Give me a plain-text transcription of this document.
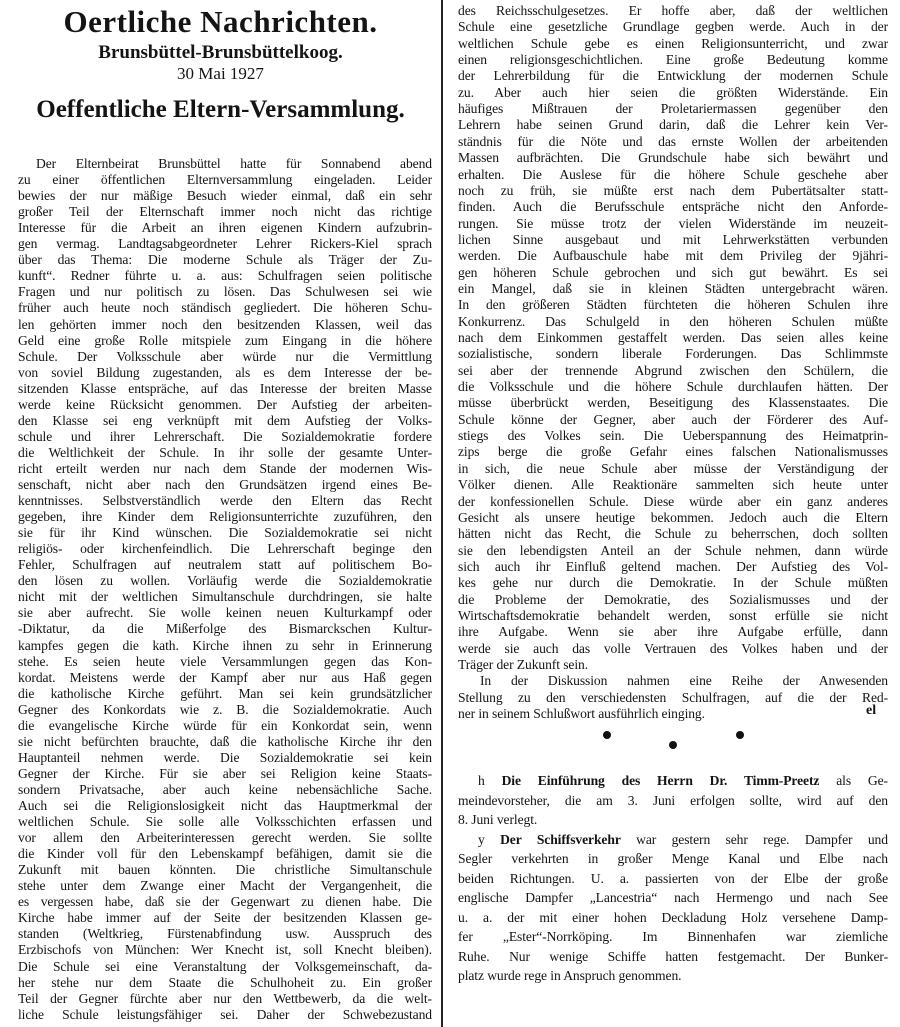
Oertliche Nachrichten.
Brunsbüttel-Brunsbüttelkoog.
30 Mai 1927
Oeffentliche Eltern-Versammlung.
Der Elternbeirat Brunsbüttel hatte für Sonnabend abend
zu einer öffentlichen Elternversammlung eingeladen. Leider
bewies der nur mäßige Besuch wieder einmal, daß ein sehr
großer Teil der Elternschaft immer noch nicht das richtige
Interesse für die Arbeit an ihren eigenen Kindern aufzubrin-
gen vermag. Landtagsabgeordneter Lehrer Rickers-Kiel sprach
über das Thema: Die moderne Schule als Träger der Zu-
kunft“. Redner führte u. a. aus: Schulfragen seien politische
Fragen und nur politisch zu lösen. Das Schulwesen sei wie
früher auch heute noch ständisch gegliedert. Die höheren Schu-
len gehörten immer noch den besitzenden Klassen, weil das
Geld eine große Rolle mitspiele zum Eingang in die höhere
Schule. Der Volksschule aber würde nur die Vermittlung
von soviel Bildung zugestanden, als es dem Interesse der be-
sitzenden Klasse entspräche, auf das Interesse der breiten Masse
werde keine Rücksicht genommen. Der Aufstieg der arbeiten-
den Klasse sei eng verknüpft mit dem Aufstieg der Volks-
schule und ihrer Lehrerschaft. Die Sozialdemokratie fordere
die Weltlichkeit der Schule. In ihr solle der gesamte Unter-
richt erteilt werden nur nach dem Stande der modernen Wis-
senschaft, nicht aber nach den Grundsätzen irgend eines Be-
kenntnisses. Selbstverständlich werde den Eltern das Recht
gegeben, ihre Kinder dem Religionsunterrichte zuzuführen, den
sie für ihr Kind wünschen. Die Sozialdemokratie sei nicht
religiös- oder kirchenfeindlich. Die Lehrerschaft beginge den
Fehler, Schulfragen auf neutralem statt auf politischem Bo-
den lösen zu wollen. Vorläufig werde die Sozialdemokratie
nicht mit der weltlichen Simultanschule durchdringen, sie halte
sie aber aufrecht. Sie wolle keinen neuen Kulturkampf oder
-Diktatur, da die Mißerfolge des Bismarckschen Kultur-
kampfes gegen die kath. Kirche ihnen zu sehr in Erinnerung
stehe. Es seien heute viele Versammlungen gegen das Kon-
kordat. Meistens werde der Kampf aber nur aus Haß gegen
die katholische Kirche geführt. Man sei kein grundsätzlicher
Gegner des Konkordats wie z. B. die Sozialdemokratie. Auch
die evangelische Kirche würde für ein Konkordat sein, wenn
sie nicht befürchten brauchte, daß die katholische Kirche ihr den
Hauptanteil nehmen werde. Die Sozialdemokratie sei kein
Gegner der Kirche. Für sie aber sei Religion keine Staats-
sondern Privatsache, aber auch keine nebensächliche Sache.
Auch sei die Religionslosigkeit nicht das Hauptmerkmal der
weltlichen Schule. Sie solle alle Volksschichten erfassen und
vor allem den Arbeiterinteressen gerecht werden. Sie sollte
die Kinder voll für den Lebenskampf befähigen, damit sie die
Zukunft mit bauen könnten. Die christliche Simultanschule
stehe unter dem Zwange einer Macht der Vergangenheit, die
es vergessen habe, daß sie der Gegenwart zu dienen habe. Die
Kirche habe immer auf der Seite der besitzenden Klassen ge-
standen (Weltkrieg, Fürstenabfindung usw. Ausspruch des
Erzbischofs von München: Wer Knecht ist, soll Knecht bleiben).
Die Schule sei eine Veranstaltung der Volksgemeinschaft, da-
her stehe nur dem Staate die Schulhoheit zu. Ein großer
Teil der Gegner fürchte aber nur den Wettbewerb, da die welt-
liche Schule leistungsfähiger sei. Daher der Schwebezustand
des Reichsschulgesetzes. Er hoffe aber, daß der weltlichen
Schule eine gesetzliche Grundlage gegben werde. Auch in der
weltlichen Schule gebe es einen Religionsunterricht, und zwar
einen religionsgeschichtlichen. Eine große Bedeutung komme
der Lehrerbildung für die Entwicklung der modernen Schule
zu. Aber auch hier seien die größten Widerstände. Ein
häufiges Mißtrauen der Proletariermassen gegenüber den
Lehrern habe seinen Grund darin, daß die Lehrer kein Ver-
ständnis für die Nöte und das ernste Wollen der arbeitenden
Massen aufbrächten. Die Grundschule habe sich bewährt und
erhalten. Die Auslese für die höhere Schule geschehe aber
noch zu früh, sie müßte erst nach dem Pubertätsalter statt-
finden. Auch die Berufsschule entspräche nicht den Anforde-
rungen. Sie müsse trotz der vielen Widerstände im neuzeit-
lichen Sinne ausgebaut und mit Lehrwerkstätten verbunden
werden. Die Aufbauschule habe mit dem Privileg der 9jähri-
gen höheren Schule gebrochen und sich gut bewährt. Es sei
ein Mangel, daß sie in kleinen Städten untergebracht wären.
In den größeren Städten fürchteten die höheren Schulen ihre
Konkurrenz. Das Schulgeld in den höheren Schulen müßte
nach dem Einkommen gestaffelt werden. Das seien alles keine
sozialistische, sondern liberale Forderungen. Das Schlimmste
sei aber der trennende Abgrund zwischen den Schülern, die
die Volksschule und die höhere Schule durchlaufen hätten. Der
müsse überbrückt werden, Beseitigung des Klassenstaates. Die
Schule könne der Gegner, aber auch der Förderer des Auf-
stiegs des Volkes sein. Die Ueberspannung des Heimatprin-
zips berge die große Gefahr eines falschen Nationalismusses
in sich, die neue Schule aber müsse der Verständigung der
Völker dienen. Alle Reaktionäre sammelten sich heute unter
der konfessionellen Schule. Diese würde aber ein ganz anderes
Gesicht als unsere heutige bekommen. Jedoch auch die Eltern
hätten nicht das Recht, die Schule zu beherrschen, doch sollten
sie den lebendigsten Anteil an der Schule nehmen, dann würde
sich auch ihr Einfluß geltend machen. Der Aufstieg des Vol-
kes gehe nur durch die Demokratie. In der Schule müßten
die Probleme der Demokratie, des Sozialismusses und der
Wirtschaftsdemokratie behandelt werden, sonst erfülle sie nicht
ihre Aufgabe. Wenn sie aber ihre Aufgabe erfülle, dann
werde sie auch das volle Vertrauen des Volkes haben und der
Träger der Zukunft sein.
In der Diskussion nahmen eine Reihe der Anwesenden
Stellung zu den verschiedensten Schulfragen, auf die der Red-
ner in seinem Schlußwort ausführlich einging.	el
h Die Einführung des Herrn Dr. Timm-Preetz als Ge-
meindevorsteher, die am 3. Juni erfolgen sollte, wird auf den
8. Juni verlegt.
y Der Schiffsverkehr war gestern sehr rege. Dampfer und
Segler verkehrten in großer Menge Kanal und Elbe nach
beiden Richtungen. U. a. passierten von der Elbe der große
englische Dampfer „Lancestria“ nach Hermengo und nach See
u. a. der mit einer hohen Deckladung Holz versehene Damp-
fer „Ester“-Norrköping. Im Binnenhafen war ziemliche
Ruhe. Nur wenige Schiffe hatten festgemacht. Der Bunker-
platz wurde rege in Anspruch genommen.
